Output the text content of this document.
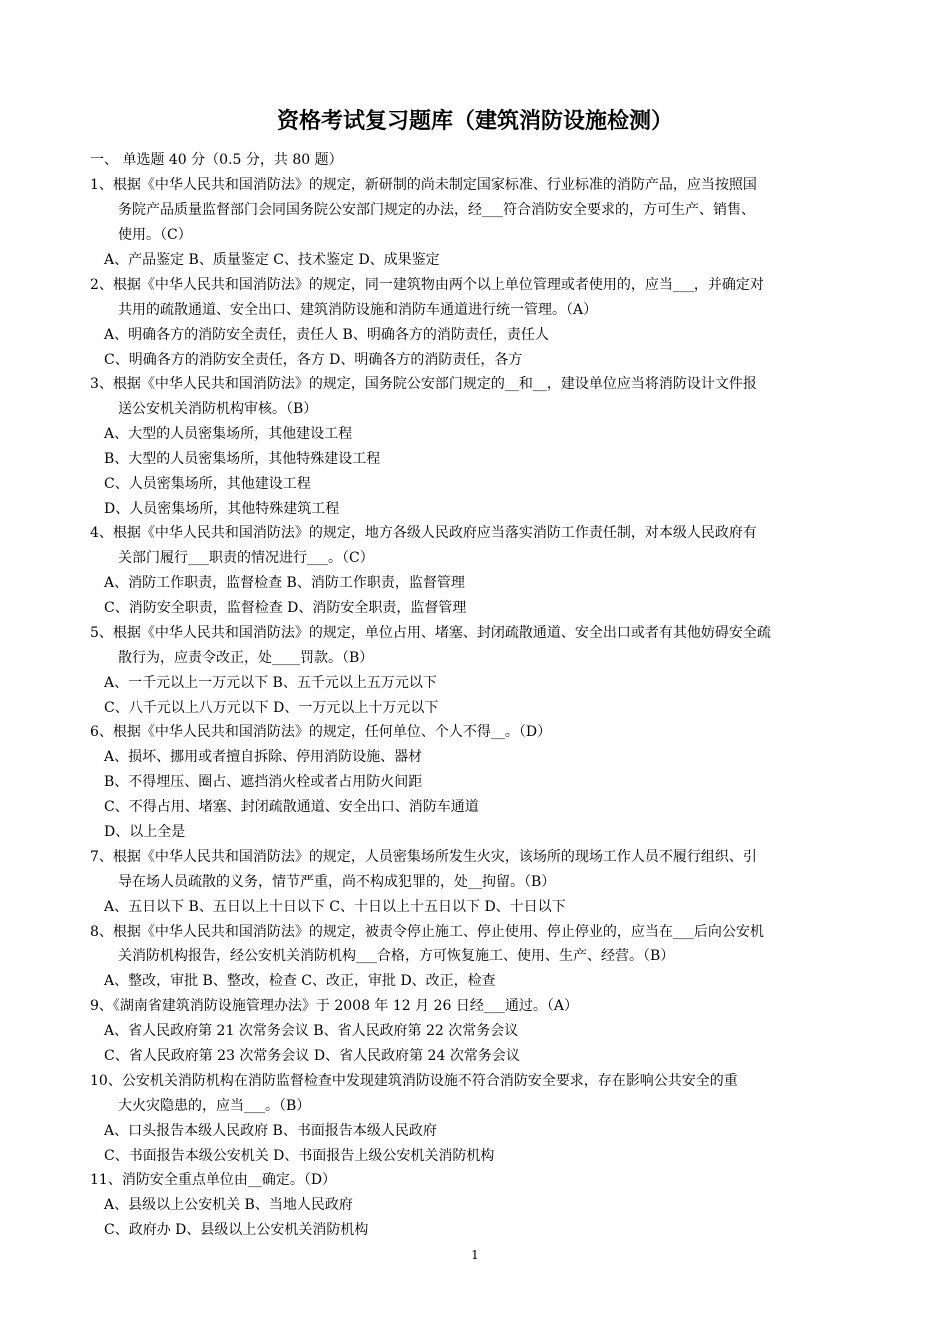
资格考试复习题库（建筑消防设施检测）
一、 单选题 40 分（0.5 分，共 80 题）
1、根据《中华人民共和国消防法》的规定，新研制的尚未制定国家标准、行业标准的消防产品，应当按照国
务院产品质量监督部门会同国务院公安部门规定的办法，经___符合消防安全要求的，方可生产、销售、
使用。（C）
A、产品鉴定 B、质量鉴定 C、技术鉴定 D、成果鉴定
2、根据《中华人民共和国消防法》的规定，同一建筑物由两个以上单位管理或者使用的，应当___，并确定对
共用的疏散通道、安全出口、建筑消防设施和消防车通道进行统一管理。（A）
A、明确各方的消防安全责任，责任人 B、明确各方的消防责任，责任人
C、明确各方的消防安全责任，各方 D、明确各方的消防责任，各方
3、根据《中华人民共和国消防法》的规定，国务院公安部门规定的__和__，建设单位应当将消防设计文件报
送公安机关消防机构审核。（B）
A、大型的人员密集场所，其他建设工程
B、大型的人员密集场所，其他特殊建设工程
C、人员密集场所，其他建设工程
D、人员密集场所，其他特殊建筑工程
4、根据《中华人民共和国消防法》的规定，地方各级人民政府应当落实消防工作责任制，对本级人民政府有
关部门履行___职责的情况进行___。（C）
A、消防工作职责，监督检查 B、消防工作职责，监督管理
C、消防安全职责，监督检查 D、消防安全职责，监督管理
5、根据《中华人民共和国消防法》的规定，单位占用、堵塞、封闭疏散通道、安全出口或者有其他妨碍安全疏
散行为，应责令改正，处____罚款。（B）
A、一千元以上一万元以下 B、五千元以上五万元以下
C、八千元以上八万元以下 D、一万元以上十万元以下
6、根据《中华人民共和国消防法》的规定，任何单位、个人不得__。（D）
A、损坏、挪用或者擅自拆除、停用消防设施、器材
B、不得埋压、圈占、遮挡消火栓或者占用防火间距
C、不得占用、堵塞、封闭疏散通道、安全出口、消防车通道
D、以上全是
7、根据《中华人民共和国消防法》的规定，人员密集场所发生火灾，该场所的现场工作人员不履行组织、引
导在场人员疏散的义务，情节严重，尚不构成犯罪的，处__拘留。（B）
A、五日以下 B、五日以上十日以下 C、十日以上十五日以下 D、十日以下
8、根据《中华人民共和国消防法》的规定，被责令停止施工、停止使用、停止停业的，应当在___后向公安机
关消防机构报告，经公安机关消防机构___合格，方可恢复施工、使用、生产、经营。（B）
A、整改，审批 B、整改，检查 C、改正，审批 D、改正，检查
9、《湖南省建筑消防设施管理办法》于 2008 年 12 月 26 日经___通过。（A）
A、省人民政府第 21 次常务会议 B、省人民政府第 22 次常务会议
C、省人民政府第 23 次常务会议 D、省人民政府第 24 次常务会议
10、公安机关消防机构在消防监督检查中发现建筑消防设施不符合消防安全要求，存在影响公共安全的重
大火灾隐患的，应当___。（B）
A、口头报告本级人民政府 B、书面报告本级人民政府
C、书面报告本级公安机关 D、书面报告上级公安机关消防机构
11、消防安全重点单位由__确定。（D）
A、县级以上公安机关 B、当地人民政府
C、政府办 D、县级以上公安机关消防机构
1
